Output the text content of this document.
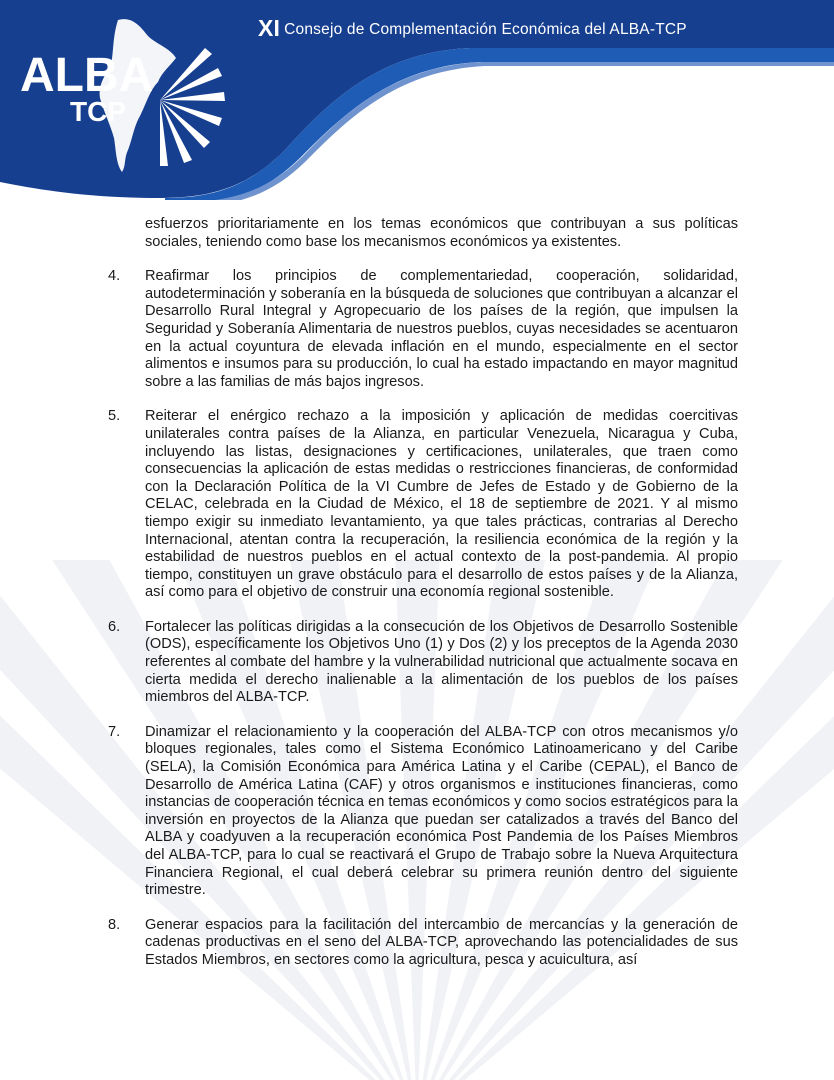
XI Consejo de Complementación Económica del ALBA-TCP
ALBA
TCP

esfuerzos prioritariamente en los temas económicos que contribuyan a sus políticas sociales, teniendo como base los mecanismos económicos ya existentes.

4. Reafirmar los principios de complementariedad, cooperación, solidaridad, autodeterminación y soberanía en la búsqueda de soluciones que contribuyan a alcanzar el Desarrollo Rural Integral y Agropecuario de los países de la región, que impulsen la Seguridad y Soberanía Alimentaria de nuestros pueblos, cuyas necesidades se acentuaron en la actual coyuntura de elevada inflación en el mundo, especialmente en el sector alimentos e insumos para su producción, lo cual ha estado impactando en mayor magnitud sobre a las familias de más bajos ingresos.
5. Reiterar el enérgico rechazo a la imposición y aplicación de medidas coercitivas unilaterales contra países de la Alianza, en particular Venezuela, Nicaragua y Cuba, incluyendo las listas, designaciones y certificaciones, unilaterales, que traen como consecuencias la aplicación de estas medidas o restricciones financieras, de conformidad con la Declaración Política de la VI Cumbre de Jefes de Estado y de Gobierno de la CELAC, celebrada en la Ciudad de México, el 18 de septiembre de 2021. Y al mismo tiempo exigir su inmediato levantamiento, ya que tales prácticas, contrarias al Derecho Internacional, atentan contra la recuperación, la resiliencia económica de la región y la estabilidad de nuestros pueblos en el actual contexto de la post-pandemia. Al propio tiempo, constituyen un grave obstáculo para el desarrollo de estos países y de la Alianza, así como para el objetivo de construir una economía regional sostenible.
6. Fortalecer las políticas dirigidas a la consecución de los Objetivos de Desarrollo Sostenible (ODS), específicamente los Objetivos Uno (1) y Dos (2) y los preceptos de la Agenda 2030 referentes al combate del hambre y la vulnerabilidad nutricional que actualmente socava en cierta medida el derecho inalienable a la alimentación de los pueblos de los países miembros del ALBA-TCP.
7. Dinamizar el relacionamiento y la cooperación del ALBA-TCP con otros mecanismos y/o bloques regionales, tales como el Sistema Económico Latinoamericano y del Caribe (SELA), la Comisión Económica para América Latina y el Caribe (CEPAL), el Banco de Desarrollo de América Latina (CAF) y otros organismos e instituciones financieras, como instancias de cooperación técnica en temas económicos y como socios estratégicos para la inversión en proyectos de la Alianza que puedan ser catalizados a través del Banco del ALBA y coadyuven a la recuperación económica Post Pandemia de los Países Miembros del ALBA-TCP, para lo cual se reactivará el Grupo de Trabajo sobre la Nueva Arquitectura Financiera Regional, el cual deberá celebrar su primera reunión dentro del siguiente trimestre.
8. Generar espacios para la facilitación del intercambio de mercancías y la generación de cadenas productivas en el seno del ALBA-TCP, aprovechando las potencialidades de sus Estados Miembros, en sectores como la agricultura, pesca y acuicultura, así
